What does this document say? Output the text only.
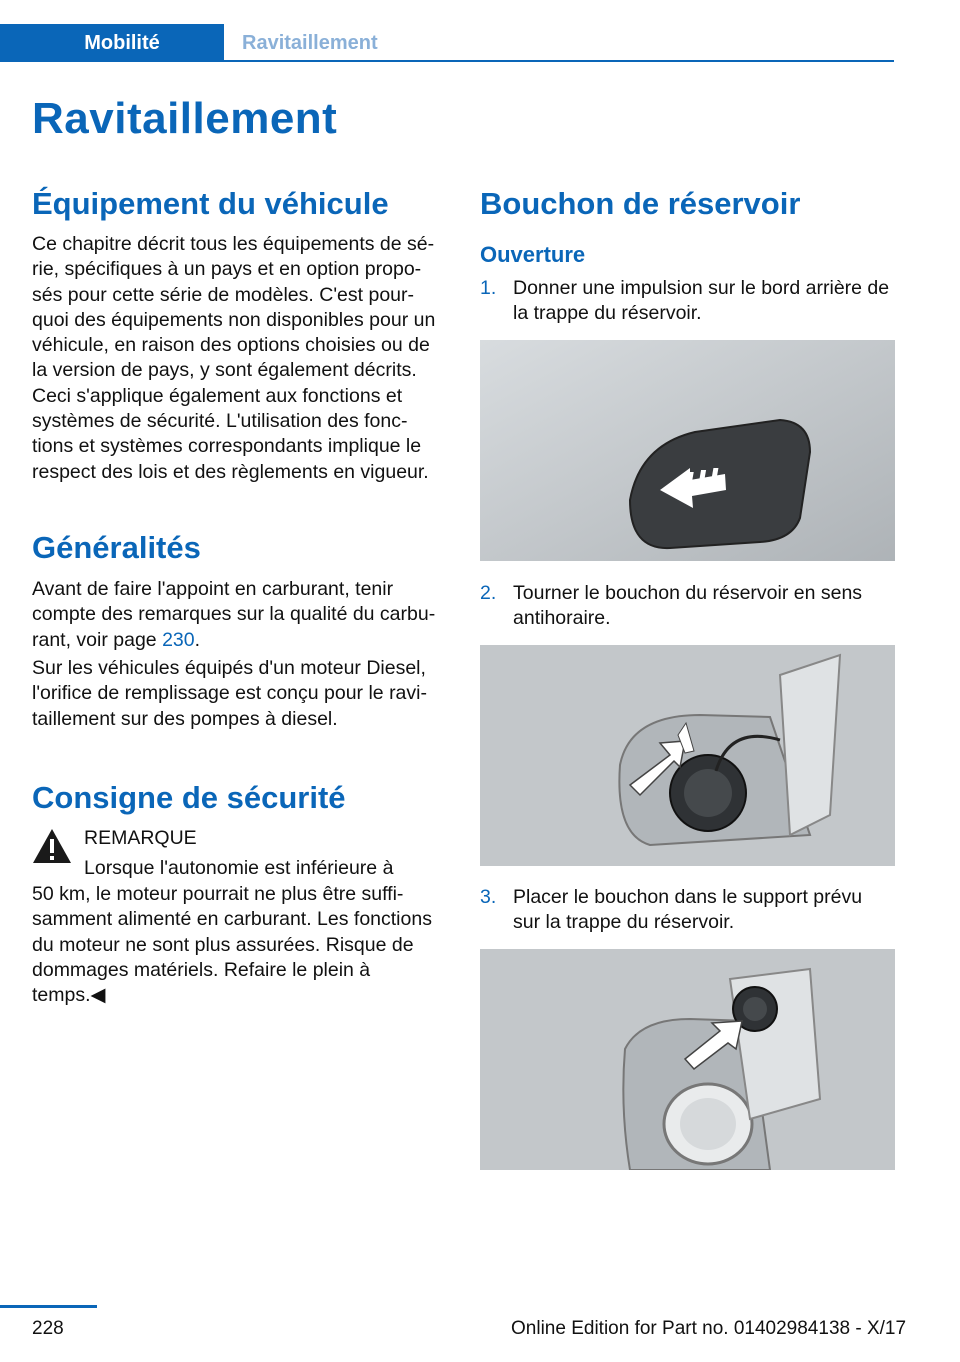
Mobilité	Ravitaillement
Ravitaillement
Équipement du véhicule
Ce chapitre décrit tous les équipements de sé‐
rie, spécifiques à un pays et en option propo‐
sés pour cette série de modèles. C'est pour‐
quoi des équipements non disponibles pour un
véhicule, en raison des options choisies ou de
la version de pays, y sont également décrits.
Ceci s'applique également aux fonctions et
systèmes de sécurité. L'utilisation des fonc‐
tions et systèmes correspondants implique le
respect des lois et des règlements en vigueur.
Généralités
Avant de faire l'appoint en carburant, tenir
compte des remarques sur la qualité du carbu‐
rant, voir page 230.
Sur les véhicules équipés d'un moteur Diesel,
l'orifice de remplissage est conçu pour le ravi‐
taillement sur des pompes à diesel.
Consigne de sécurité
REMARQUE
Lorsque l'autonomie est inférieure à
50 km, le moteur pourrait ne plus être suffi‐
samment alimenté en carburant. Les fonctions
du moteur ne sont plus assurées. Risque de
dommages matériels. Refaire le plein à
temps.◀
Bouchon de réservoir
Ouverture
1. Donner une impulsion sur le bord arrière de
la trappe du réservoir.
2. Tourner le bouchon du réservoir en sens
antihoraire.
3. Placer le bouchon dans le support prévu
sur la trappe du réservoir.
228	Online Edition for Part no. 01402984138 - X/17
